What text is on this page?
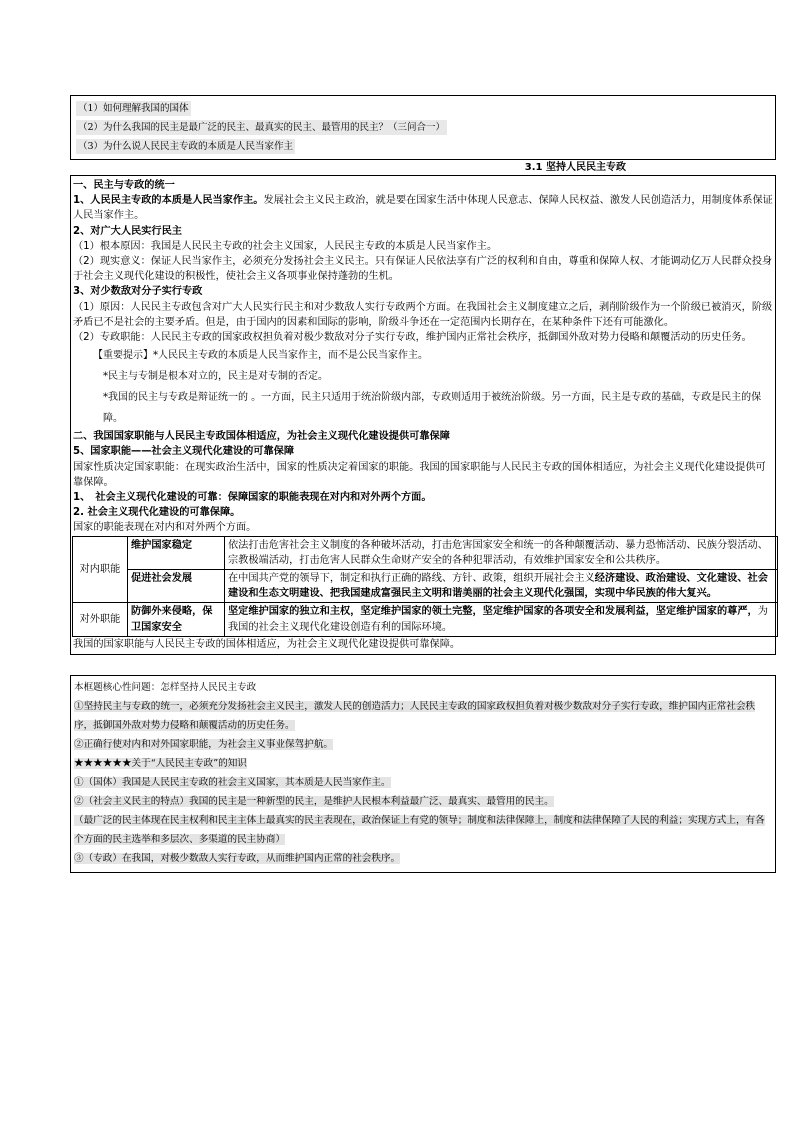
（1）如何理解我国的国体
（2）为什么我国的民主是最广泛的民主、最真实的民主、最管用的民主？（三问合一）
（3）为什么说人民民主专政的本质是人民当家作主
3.1 坚持人民民主专政

一、民主与专政的统一

1、人民民主专政的本质是人民当家作主。发展社会主义民主政治，就是要在国家生活中体现人民意志、保障人民权益、激发人民创造活力，用制度体系保证人民当家作主。

2、对广大人民实行民主

（1）根本原因：我国是人民民主专政的社会主义国家，人民民主专政的本质是人民当家作主。

（2）现实意义：保证人民当家作主，必须充分发扬社会主义民主。只有保证人民依法享有广泛的权利和自由，尊重和保障人权、才能调动亿万人民群众投身于社会主义现代化建设的积极性，使社会主义各项事业保持蓬勃的生机。

3、对少数敌对分子实行专政

（1）原因：人民民主专政包含对广大人民实行民主和对少数敌人实行专政两个方面。在我国社会主义制度建立之后，剥削阶级作为一个阶级已被消灭，阶级矛盾已不是社会的主要矛盾。但是，由于国内的因素和国际的影响，阶级斗争还在一定范围内长期存在，在某种条件下还有可能激化。

（2）专政职能：人民民主专政的国家政权担负着对极少数敌对分子实行专政，维护国内正常社会秩序，抵御国外敌对势力侵略和颠覆活动的历史任务。

【重要提示】*人民民主专政的本质是人民当家作主，而不是公民当家作主。

*民主与专制是根本对立的，民主是对专制的否定。

*我国的民主与专政是辩证统一的 。一方面，民主只适用于统治阶级内部，专政则适用于被统治阶级。另一方面，民主是专政的基础，专政是民主的保障。

二、我国国家职能与人民民主专政国体相适应，为社会主义现代化建设提供可靠保障

5、国家职能——社会主义现代化建设的可靠保障

国家性质决定国家职能：在现实政治生活中，国家的性质决定着国家的职能。我国的国家职能与人民民主专政的国体相适应，为社会主义现代化建设提供可靠保障。

1、　社会主义现代化建设的可靠：保障国家的职能表现在对内和对外两个方面。

2. 社会主义现代化建设的可靠保障。

国家的职能表现在对内和对外两个方面。

对内职能	维护国家稳定	依法打击危害社会主义制度的各种破坏活动，打击危害国家安全和统一的各种颠覆活动、暴力恐怖活动、民族分裂活动、宗教极端活动，打击危害人民群众生命财产安全的各种犯罪活动，有效维护国家安全和公共秩序。
	促进社会发展	在中国共产党的领导下，制定和执行正确的路线、方针、政策，组织开展社会主义经济建设、政治建设、文化建设、社会建设和生态文明建设、把我国建成富强民主文明和谐美丽的社会主义现代化强国，实现中华民族的伟大复兴。
对外职能	防御外来侵略，保卫国家安全	坚定维护国家的独立和主权，坚定维护国家的领土完整，坚定维护国家的各项安全和发展利益，坚定维护国家的尊严，为我国的社会主义现代化建设创造有利的国际环境。

我国的国家职能与人民民主专政的国体相适应，为社会主义现代化建设提供可靠保障。

本框题核心性问题：怎样坚持人民民主专政

①坚持民主与专政的统一，必须充分发扬社会主义民主，激发人民的创造活力；人民民主专政的国家政权担负着对极少数敌对分子实行专政，维护国内正常社会秩序，抵御国外敌对势力侵略和颠覆活动的历史任务。

②正确行使对内和对外国家职能，为社会主义事业保驾护航。

★★★★★★关于“人民民主专政”的知识

①（国体）我国是人民民主专政的社会主义国家，其本质是人民当家作主。

②（社会主义民主的特点）我国的民主是一种新型的民主，是维护人民根本利益最广泛、最真实、最管用的民主。

（最广泛的民主体现在民主权利和民主主体上最真实的民主表现在，政治保证上有党的领导；制度和法律保障上，制度和法律保障了人民的利益；实现方式上，有各个方面的民主选举和多层次、多渠道的民主协商）

③（专政）在我国，对极少数敌人实行专政，从而维护国内正常的社会秩序。
